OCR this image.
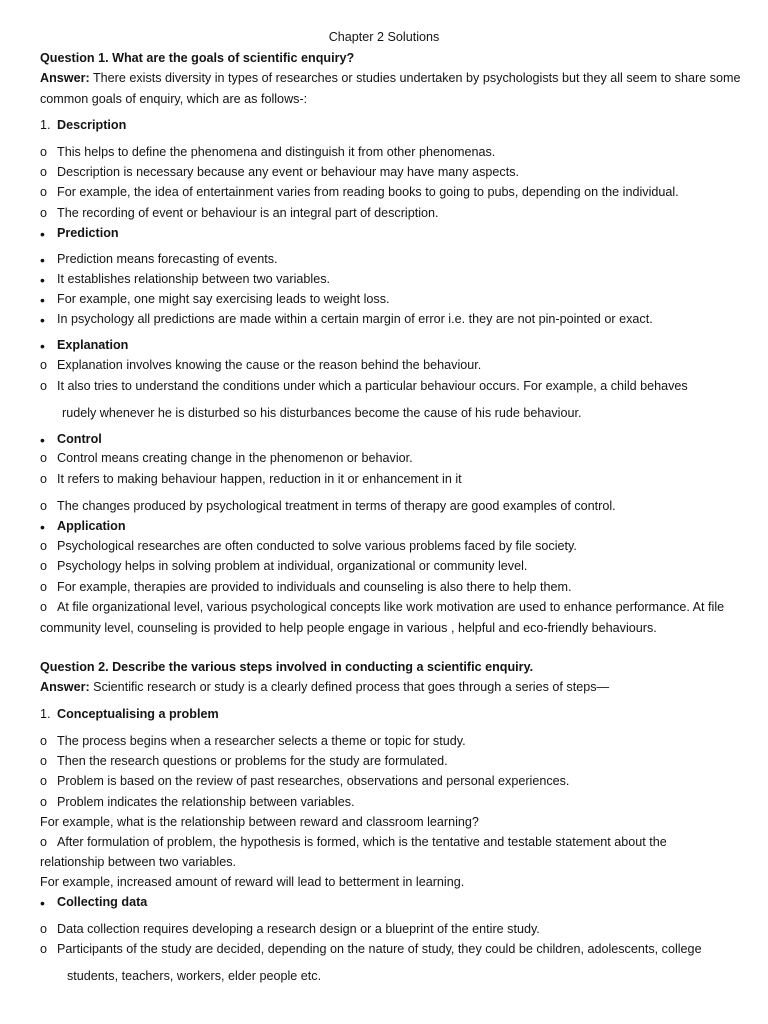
Chapter 2 Solutions
Question 1. What are the goals of scientific enquiry?
Answer: There exists diversity in types of researches or studies undertaken by psychologists but they all seem to share some
common goals of enquiry, which are as follows-:
1. Description
o This helps to define the phenomena and distinguish it from other phenomenas.
o Description is necessary because any event or behaviour may have many aspects.
o For example, the idea of entertainment varies from reading books to going to pubs, depending on the individual.
o The recording of event or behaviour is an integral part of description.
• Prediction
• Prediction means forecasting of events.
• It establishes relationship between two variables.
• For example, one might say exercising leads to weight loss.
• In psychology all predictions are made within a certain margin of error i.e. they are not pin-pointed or exact.
• Explanation
o Explanation involves knowing the cause or the reason behind the behaviour.
o It also tries to understand the conditions under which a particular behaviour occurs. For example, a child behaves
rudely whenever he is disturbed so his disturbances become the cause of his rude behaviour.
• Control
o Control means creating change in the phenomenon or behavior.
o It refers to making behaviour happen, reduction in it or enhancement in it
o The changes produced by psychological treatment in terms of therapy are good examples of control.
• Application
o Psychological researches are often conducted to solve various problems faced by file society.
o Psychology helps in solving problem at individual, organizational or community level.
o For example, therapies are provided to individuals and counseling is also there to help them.
o At file organizational level, various psychological concepts like work motivation are used to enhance performance. At file
community level, counseling is provided to help people engage in various , helpful and eco-friendly behaviours.
Question 2. Describe the various steps involved in conducting a scientific enquiry.
Answer: Scientific research or study is a clearly defined process that goes through a series of steps—
1. Conceptualising a problem
o The process begins when a researcher selects a theme or topic for study.
o Then the research questions or problems for the study are formulated.
o Problem is based on the review of past researches, observations and personal experiences.
o Problem indicates the relationship between variables.
For example, what is the relationship between reward and classroom learning?
o After formulation of problem, the hypothesis is formed, which is the tentative and testable statement about the
relationship between two variables.
For example, increased amount of reward will lead to betterment in learning.
• Collecting data
o Data collection requires developing a research design or a blueprint of the entire study.
o Participants of the study are decided, depending on the nature of study, they could be children, adolescents, college
students, teachers, workers, elder people etc.
